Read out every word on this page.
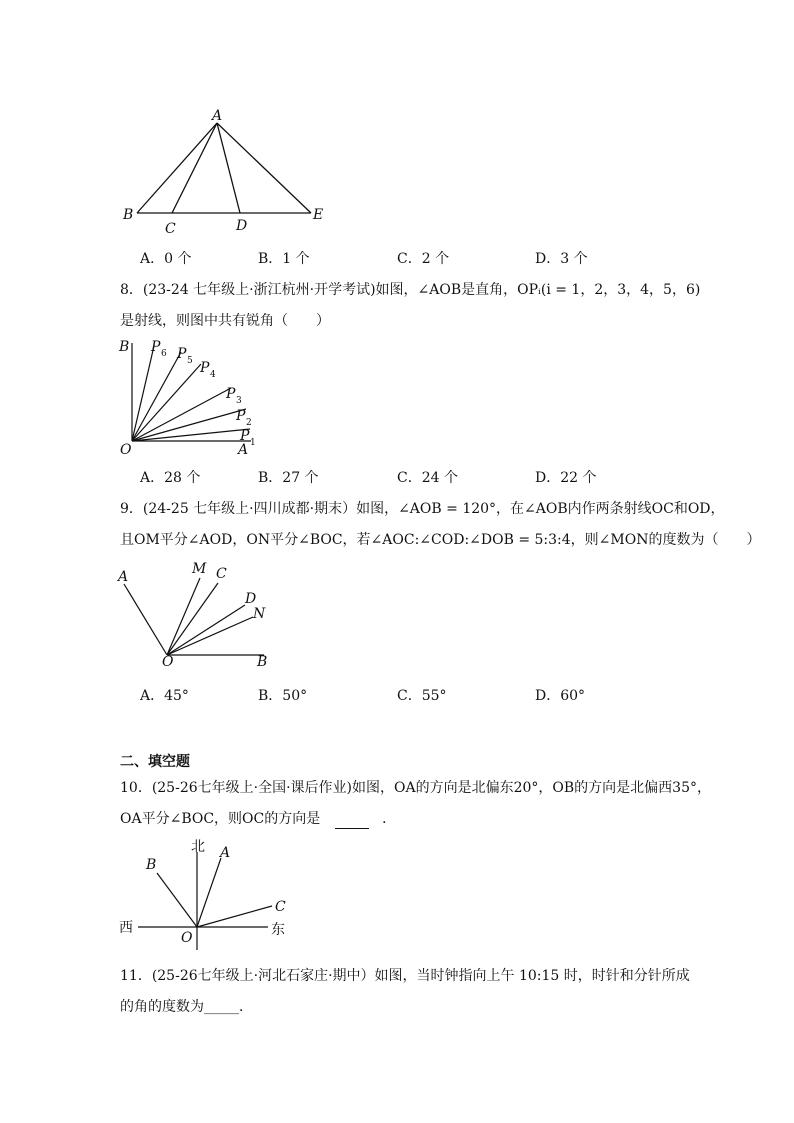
A
B
C	D
E
A．0 个	B．1 个	C．2 个	D．3 个
8．(23-24 七年级上·浙江杭州·开学考试)如图，∠AOB是直角，OPᵢ(i = 1，2，3，4，5，6)
是射线，则图中共有锐角（　　）
B
O	A
P 1
P 2
P 3
P 4
P 5
P 6
A．28 个	B．27 个	C．24 个	D．22 个
9．(24-25 七年级上·四川成都·期末）如图，∠AOB = 120°，在∠AOB内作两条射线OC和OD，
且OM平分∠AOD，ON平分∠BOC，若∠AOC:∠COD:∠DOB = 5:3:4，则∠MON的度数为（　　）
A	M C
D
N
O	B
A．45°	B．50°	C．55°	D．60°
二、填空题
10．(25-26七年级上·全国·课后作业)如图，OA的方向是北偏东20°，OB的方向是北偏西35°，
OA平分∠BOC，则OC的方向是	．
北 A
B
C
西	东
O
11．(25-26七年级上·河北石家庄·期中）如图，当时钟指向上午 10:15 时，时针和分针所成
的角的度数为_____．
